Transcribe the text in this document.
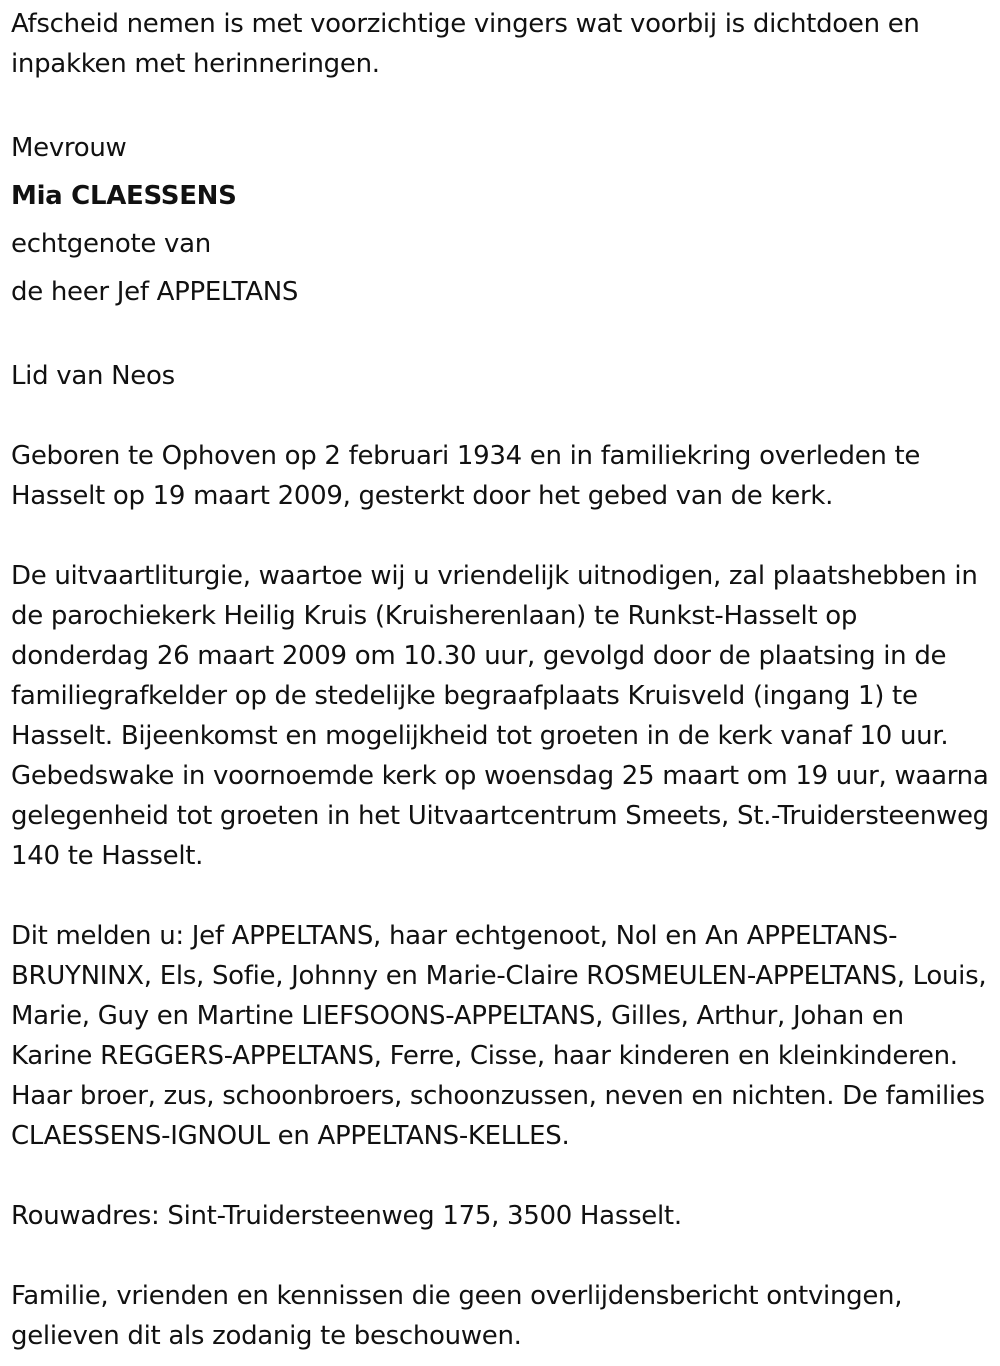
Afscheid nemen is met voorzichtige vingers wat voorbij is dichtdoen en inpakken met herinneringen.

Mevrouw
Mia CLAESSENS
echtgenote van
de heer Jef APPELTANS

Lid van Neos

Geboren te Ophoven op 2 februari 1934 en in familiekring overleden te Hasselt op 19 maart 2009, gesterkt door het gebed van de kerk.

De uitvaartliturgie, waartoe wij u vriendelijk uitnodigen, zal plaatshebben in de parochiekerk Heilig Kruis (Kruisherenlaan) te Runkst-Hasselt op donderdag 26 maart 2009 om 10.30 uur, gevolgd door de plaatsing in de familiegrafkelder op de stedelijke begraafplaats Kruisveld (ingang 1) te Hasselt. Bijeenkomst en mogelijkheid tot groeten in de kerk vanaf 10 uur. Gebedswake in voornoemde kerk op woensdag 25 maart om 19 uur, waarna gelegenheid tot groeten in het Uitvaartcentrum Smeets, St.-Truidersteenweg 140 te Hasselt.

Dit melden u: Jef APPELTANS, haar echtgenoot, Nol en An APPELTANS-BRUYNINX, Els, Sofie, Johnny en Marie-Claire ROSMEULEN-APPELTANS, Louis, Marie, Guy en Martine LIEFSOONS-APPELTANS, Gilles, Arthur, Johan en Karine REGGERS-APPELTANS, Ferre, Cisse, haar kinderen en kleinkinderen. Haar broer, zus, schoonbroers, schoonzussen, neven en nichten. De families CLAESSENS-IGNOUL en APPELTANS-KELLES.

Rouwadres: Sint-Truidersteenweg 175, 3500 Hasselt.

Familie, vrienden en kennissen die geen overlijdensbericht ontvingen, gelieven dit als zodanig te beschouwen.
